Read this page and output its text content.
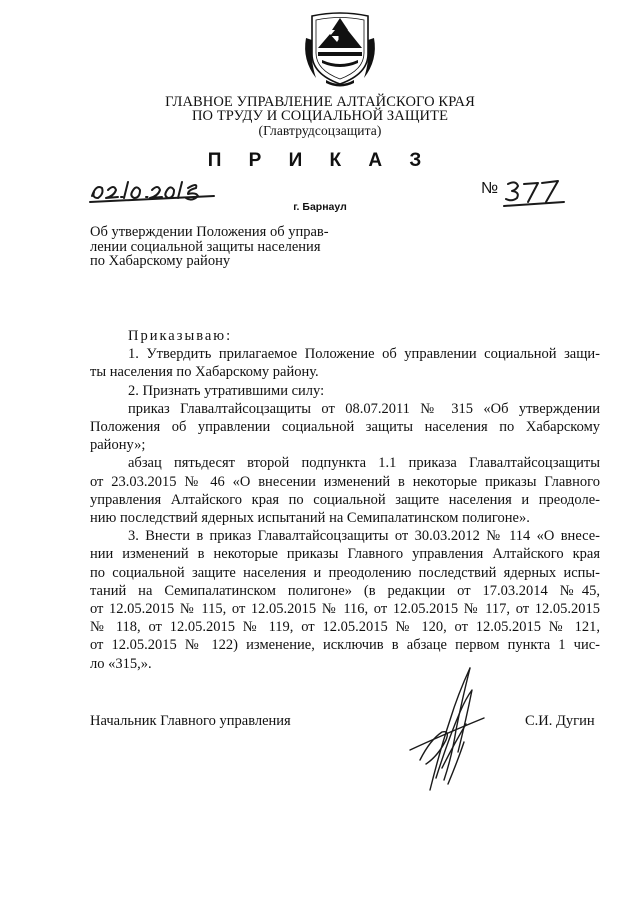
ГЛАВНОЕ УПРАВЛЕНИЕ АЛТАЙСКОГО КРАЯ
ПО ТРУДУ И СОЦИАЛЬНОЙ ЗАЩИТЕ
(Главтрудсоцзащита)
П Р И К А З
г. Барнаул
№
Об утверждении Положения об управ-
лении социальной защиты населения
по Хабарскому району
Приказываю:
1. Утвердить прилагаемое Положение об управлении социальной защи-
ты населения по Хабарскому району.
2. Признать утратившими силу:
приказ Главалтайсоцзащиты от 08.07.2011 № 315 «Об утверждении
Положения об управлении социальной защиты населения по Хабарскому
району»;
абзац пятьдесят второй подпункта 1.1 приказа Главалтайсоцзащиты
от 23.03.2015 № 46 «О внесении изменений в некоторые приказы Главного
управления Алтайского края по социальной защите населения и преодоле-
нию последствий ядерных испытаний на Семипалатинском полигоне».
3. Внести в приказ Главалтайсоцзащиты от 30.03.2012 № 114 «О внесе-
нии изменений в некоторые приказы Главного управления Алтайского края
по социальной защите населения и преодолению последствий ядерных испы-
таний на Семипалатинском полигоне» (в редакции от 17.03.2014 №45,
от 12.05.2015 № 115, от 12.05.2015 № 116, от 12.05.2015 № 117, от 12.05.2015
№ 118, от 12.05.2015 № 119, от 12.05.2015 № 120, от 12.05.2015 № 121,
от 12.05.2015 № 122) изменение, исключив в абзаце первом пункта 1 чис-
ло «315,».
Начальник Главного управления	С.И. Дугин
